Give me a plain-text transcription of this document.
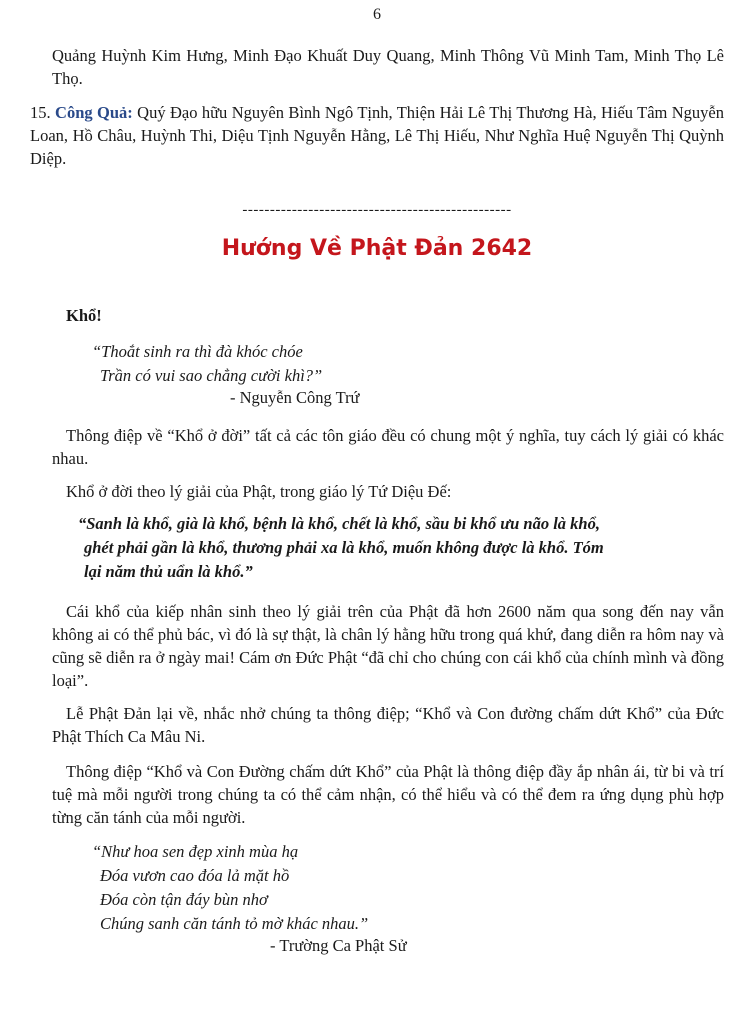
6

Quảng Huỳnh Kim Hưng, Minh Đạo Khuất Duy Quang, Minh Thông Vũ Minh Tam, Minh Thọ Lê Thọ.

15. Công Quả: Quý Đạo hữu Nguyên Bình Ngô Tịnh, Thiện Hải Lê Thị Thương Hà, Hiếu Tâm Nguyễn Loan, Hồ Châu, Huỳnh Thi, Diệu Tịnh Nguyễn Hằng, Lê Thị Hiếu, Như Nghĩa Huệ Nguyễn Thị Quỳnh Diệp.
-------------------------------------------------
Hướng Về Phật Đản 2642
Khổ!
“Thoắt sinh ra thì đà khóc chóe
Trần có vui sao chẳng cười khì?”
- Nguyễn Công Trứ
Thông điệp về “Khổ ở đời” tất cả các tôn giáo đều có chung một ý nghĩa, tuy cách lý giải có khác nhau.
Khổ ở đời theo lý giải của Phật, trong giáo lý Tứ Diệu Đế:
“Sanh là khổ, già là khổ, bệnh là khổ, chết là khổ, sầu bi khổ ưu não là khổ,
ghét phải gần là khổ, thương phải xa là khổ, muốn không được là khổ. Tóm
lại năm thủ uẩn là khổ.”
Cái khổ của kiếp nhân sinh theo lý giải trên của Phật đã hơn 2600 năm qua song đến nay vẫn không ai có thể phủ bác, vì đó là sự thật, là chân lý hằng hữu trong quá khứ, đang diễn ra hôm nay và cũng sẽ diễn ra ở ngày mai! Cám ơn Đức Phật “đã chỉ cho chúng con cái khổ của chính mình và đồng loại”.
Lễ Phật Đản lại về, nhắc nhở chúng ta thông điệp; “Khổ và Con đường chấm dứt Khổ” của Đức Phật Thích Ca Mâu Ni.
Thông điệp “Khổ và Con Đường chấm dứt Khổ” của Phật là thông điệp đầy ắp nhân ái, từ bi và trí tuệ mà mỗi người trong chúng ta có thể cảm nhận, có thể hiểu và có thể đem ra ứng dụng phù hợp từng căn tánh của mỗi người.
“Như hoa sen đẹp xinh mùa hạ
Đóa vươn cao đóa lả mặt hồ
Đóa còn tận đáy bùn nhơ
Chúng sanh căn tánh tỏ mờ khác nhau.”
- Trường Ca Phật Sử
